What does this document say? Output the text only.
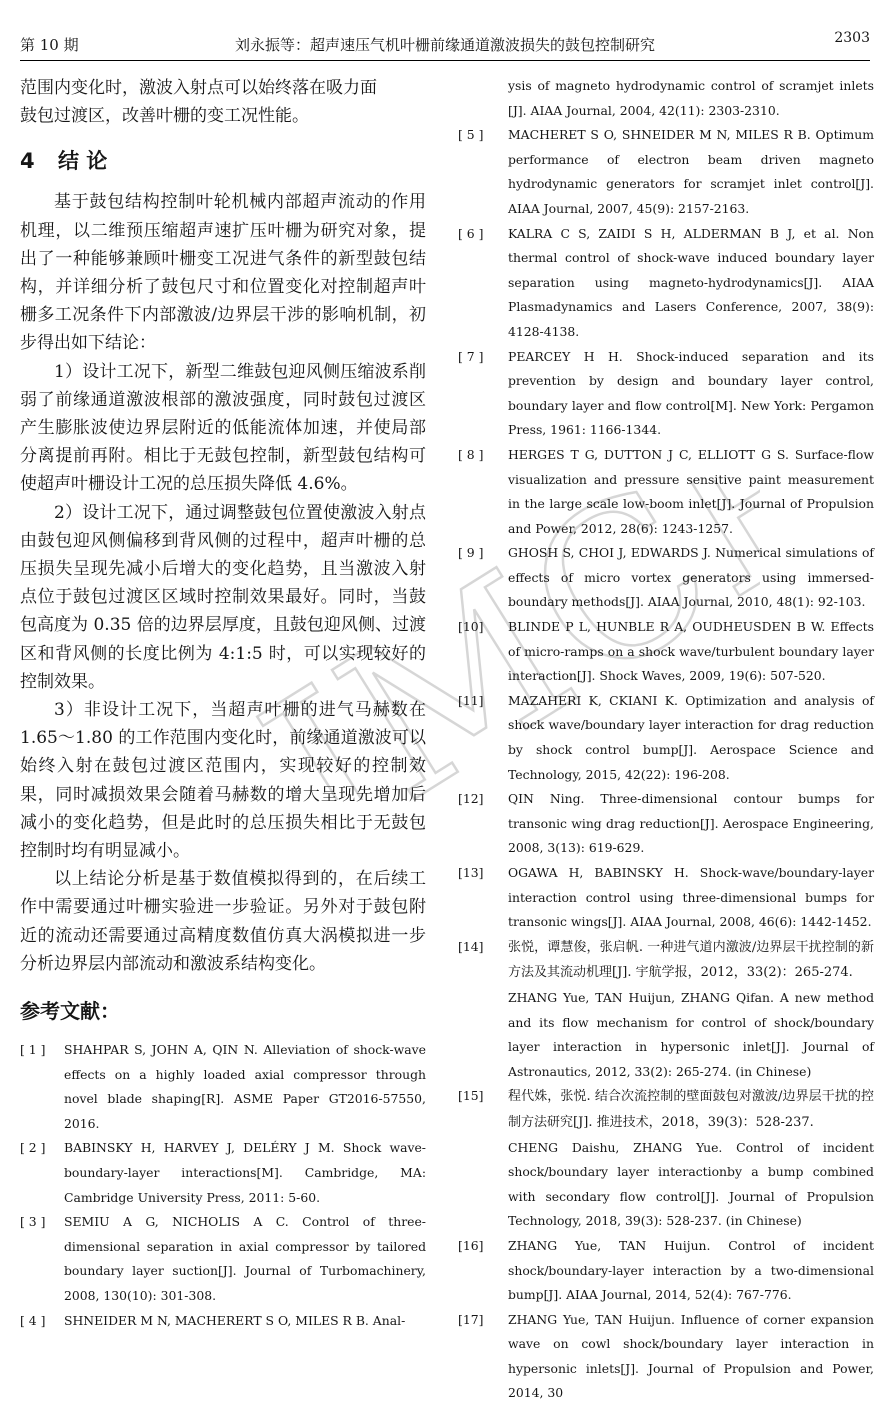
第 10 期	刘永振等：超声速压气机叶栅前缘通道激波损失的鼓包控制研究	2303
JMCP

范围内变化时，激波入射点可以始终落在吸力面

鼓包过渡区，改善叶栅的变工况性能。

4 结 论

基于鼓包结构控制叶轮机械内部超声流动的作用机理，以二维预压缩超声速扩压叶栅为研究对象，提出了一种能够兼顾叶栅变工况进气条件的新型鼓包结构，并详细分析了鼓包尺寸和位置变化对控制超声叶栅多工况条件下内部激波/边界层干涉的影响机制，初步得出如下结论：

1）设计工况下，新型二维鼓包迎风侧压缩波系削弱了前缘通道激波根部的激波强度，同时鼓包过渡区产生膨胀波使边界层附近的低能流体加速，并使局部分离提前再附。相比于无鼓包控制，新型鼓包结构可使超声叶栅设计工况的总压损失降低 4.6%。

2）设计工况下，通过调整鼓包位置使激波入射点由鼓包迎风侧偏移到背风侧的过程中，超声叶栅的总压损失呈现先减小后增大的变化趋势，且当激波入射点位于鼓包过渡区区域时控制效果最好。同时，当鼓包高度为 0.35 倍的边界层厚度，且鼓包迎风侧、过渡区和背风侧的长度比例为 4:1:5 时，可以实现较好的控制效果。

3）非设计工况下，当超声叶栅的进气马赫数在 1.65～1.80 的工作范围内变化时，前缘通道激波可以始终入射在鼓包过渡区范围内，实现较好的控制效果，同时减损效果会随着马赫数的增大呈现先增加后减小的变化趋势，但是此时的总压损失相比于无鼓包控制时均有明显减小。

以上结论分析是基于数值模拟得到的，在后续工作中需要通过叶栅实验进一步验证。另外对于鼓包附近的流动还需要通过高精度数值仿真大涡模拟进一步分析边界层内部流动和激波系结构变化。

参考文献：
[ 1 ]	SHAHPAR S, JOHN A, QIN N. Alleviation of shock-wave effects on a highly loaded axial compressor through novel blade shaping[R]. ASME Paper GT2016-57550, 2016.
[ 2 ]	BABINSKY H, HARVEY J, DELÉRY J M. Shock wave-boundary-layer interactions[M]. Cambridge, MA: Cambridge University Press, 2011: 5-60.
[ 3 ]	SEMIU A G, NICHOLIS A C. Control of three-dimensional separation in axial compressor by tailored boundary layer suction[J]. Journal of Turbomachinery, 2008, 130(10): 301-308.
[ 4 ]	SHNEIDER M N, MACHERERT S O, MILES R B. Anal-
ysis of magneto hydrodynamic control of scramjet inlets [J]. AIAA Journal, 2004, 42(11): 2303-2310.
[ 5 ]	MACHERET S O, SHNEIDER M N, MILES R B. Optimum performance of electron beam driven magneto hydrodynamic generators for scramjet inlet control[J]. AIAA Journal, 2007, 45(9): 2157-2163.
[ 6 ]	KALRA C S, ZAIDI S H, ALDERMAN B J, et al. Non thermal control of shock-wave induced boundary layer separation using magneto-hydrodynamics[J]. AIAA Plasmadynamics and Lasers Conference, 2007, 38(9): 4128-4138.
[ 7 ]	PEARCEY H H. Shock-induced separation and its prevention by design and boundary layer control, boundary layer and flow control[M]. New York: Pergamon Press, 1961: 1166-1344.
[ 8 ]	HERGES T G, DUTTON J C, ELLIOTT G S. Surface-flow visualization and pressure sensitive paint measurement in the large scale low-boom inlet[J]. Journal of Propulsion and Power, 2012, 28(6): 1243-1257.
[ 9 ]	GHOSH S, CHOI J, EDWARDS J. Numerical simulations of effects of micro vortex generators using immersed-boundary methods[J]. AIAA Journal, 2010, 48(1): 92-103.
[10]	BLINDE P L, HUNBLE R A, OUDHEUSDEN B W. Effects of micro-ramps on a shock wave/turbulent boundary layer interaction[J]. Shock Waves, 2009, 19(6): 507-520.
[11]	MAZAHERI K, CKIANI K. Optimization and analysis of shock wave/boundary layer interaction for drag reduction by shock control bump[J]. Aerospace Science and Technology, 2015, 42(22): 196-208.
[12]	QIN Ning. Three-dimensional contour bumps for transonic wing drag reduction[J]. Aerospace Engineering, 2008, 3(13): 619-629.
[13]	OGAWA H, BABINSKY H. Shock-wave/boundary-layer interaction control using three-dimensional bumps for transonic wings[J]. AIAA Journal, 2008, 46(6): 1442-1452.
[14]	张悦，谭慧俊，张启帆. 一种进气道内激波/边界层干扰控制的新方法及其流动机理[J]. 宇航学报，2012，33(2)：265-274.
ZHANG Yue, TAN Huijun, ZHANG Qifan. A new method and its flow mechanism for control of shock/boundary layer interaction in hypersonic inlet[J]. Journal of Astronautics, 2012, 33(2): 265-274. (in Chinese)
[15]	程代姝，张悦. 结合次流控制的壁面鼓包对激波/边界层干扰的控制方法研究[J]. 推进技术，2018，39(3)：528-237.
CHENG Daishu, ZHANG Yue. Control of incident shock/boundary layer interactionby a bump combined with secondary flow control[J]. Journal of Propulsion Technology, 2018, 39(3): 528-237. (in Chinese)
[16]	ZHANG Yue, TAN Huijun. Control of incident shock/boundary-layer interaction by a two-dimensional bump[J]. AIAA Journal, 2014, 52(4): 767-776.
[17]	ZHANG Yue, TAN Huijun. Influence of corner expansion wave on cowl shock/boundary layer interaction in hypersonic inlets[J]. Journal of Propulsion and Power, 2014, 30
